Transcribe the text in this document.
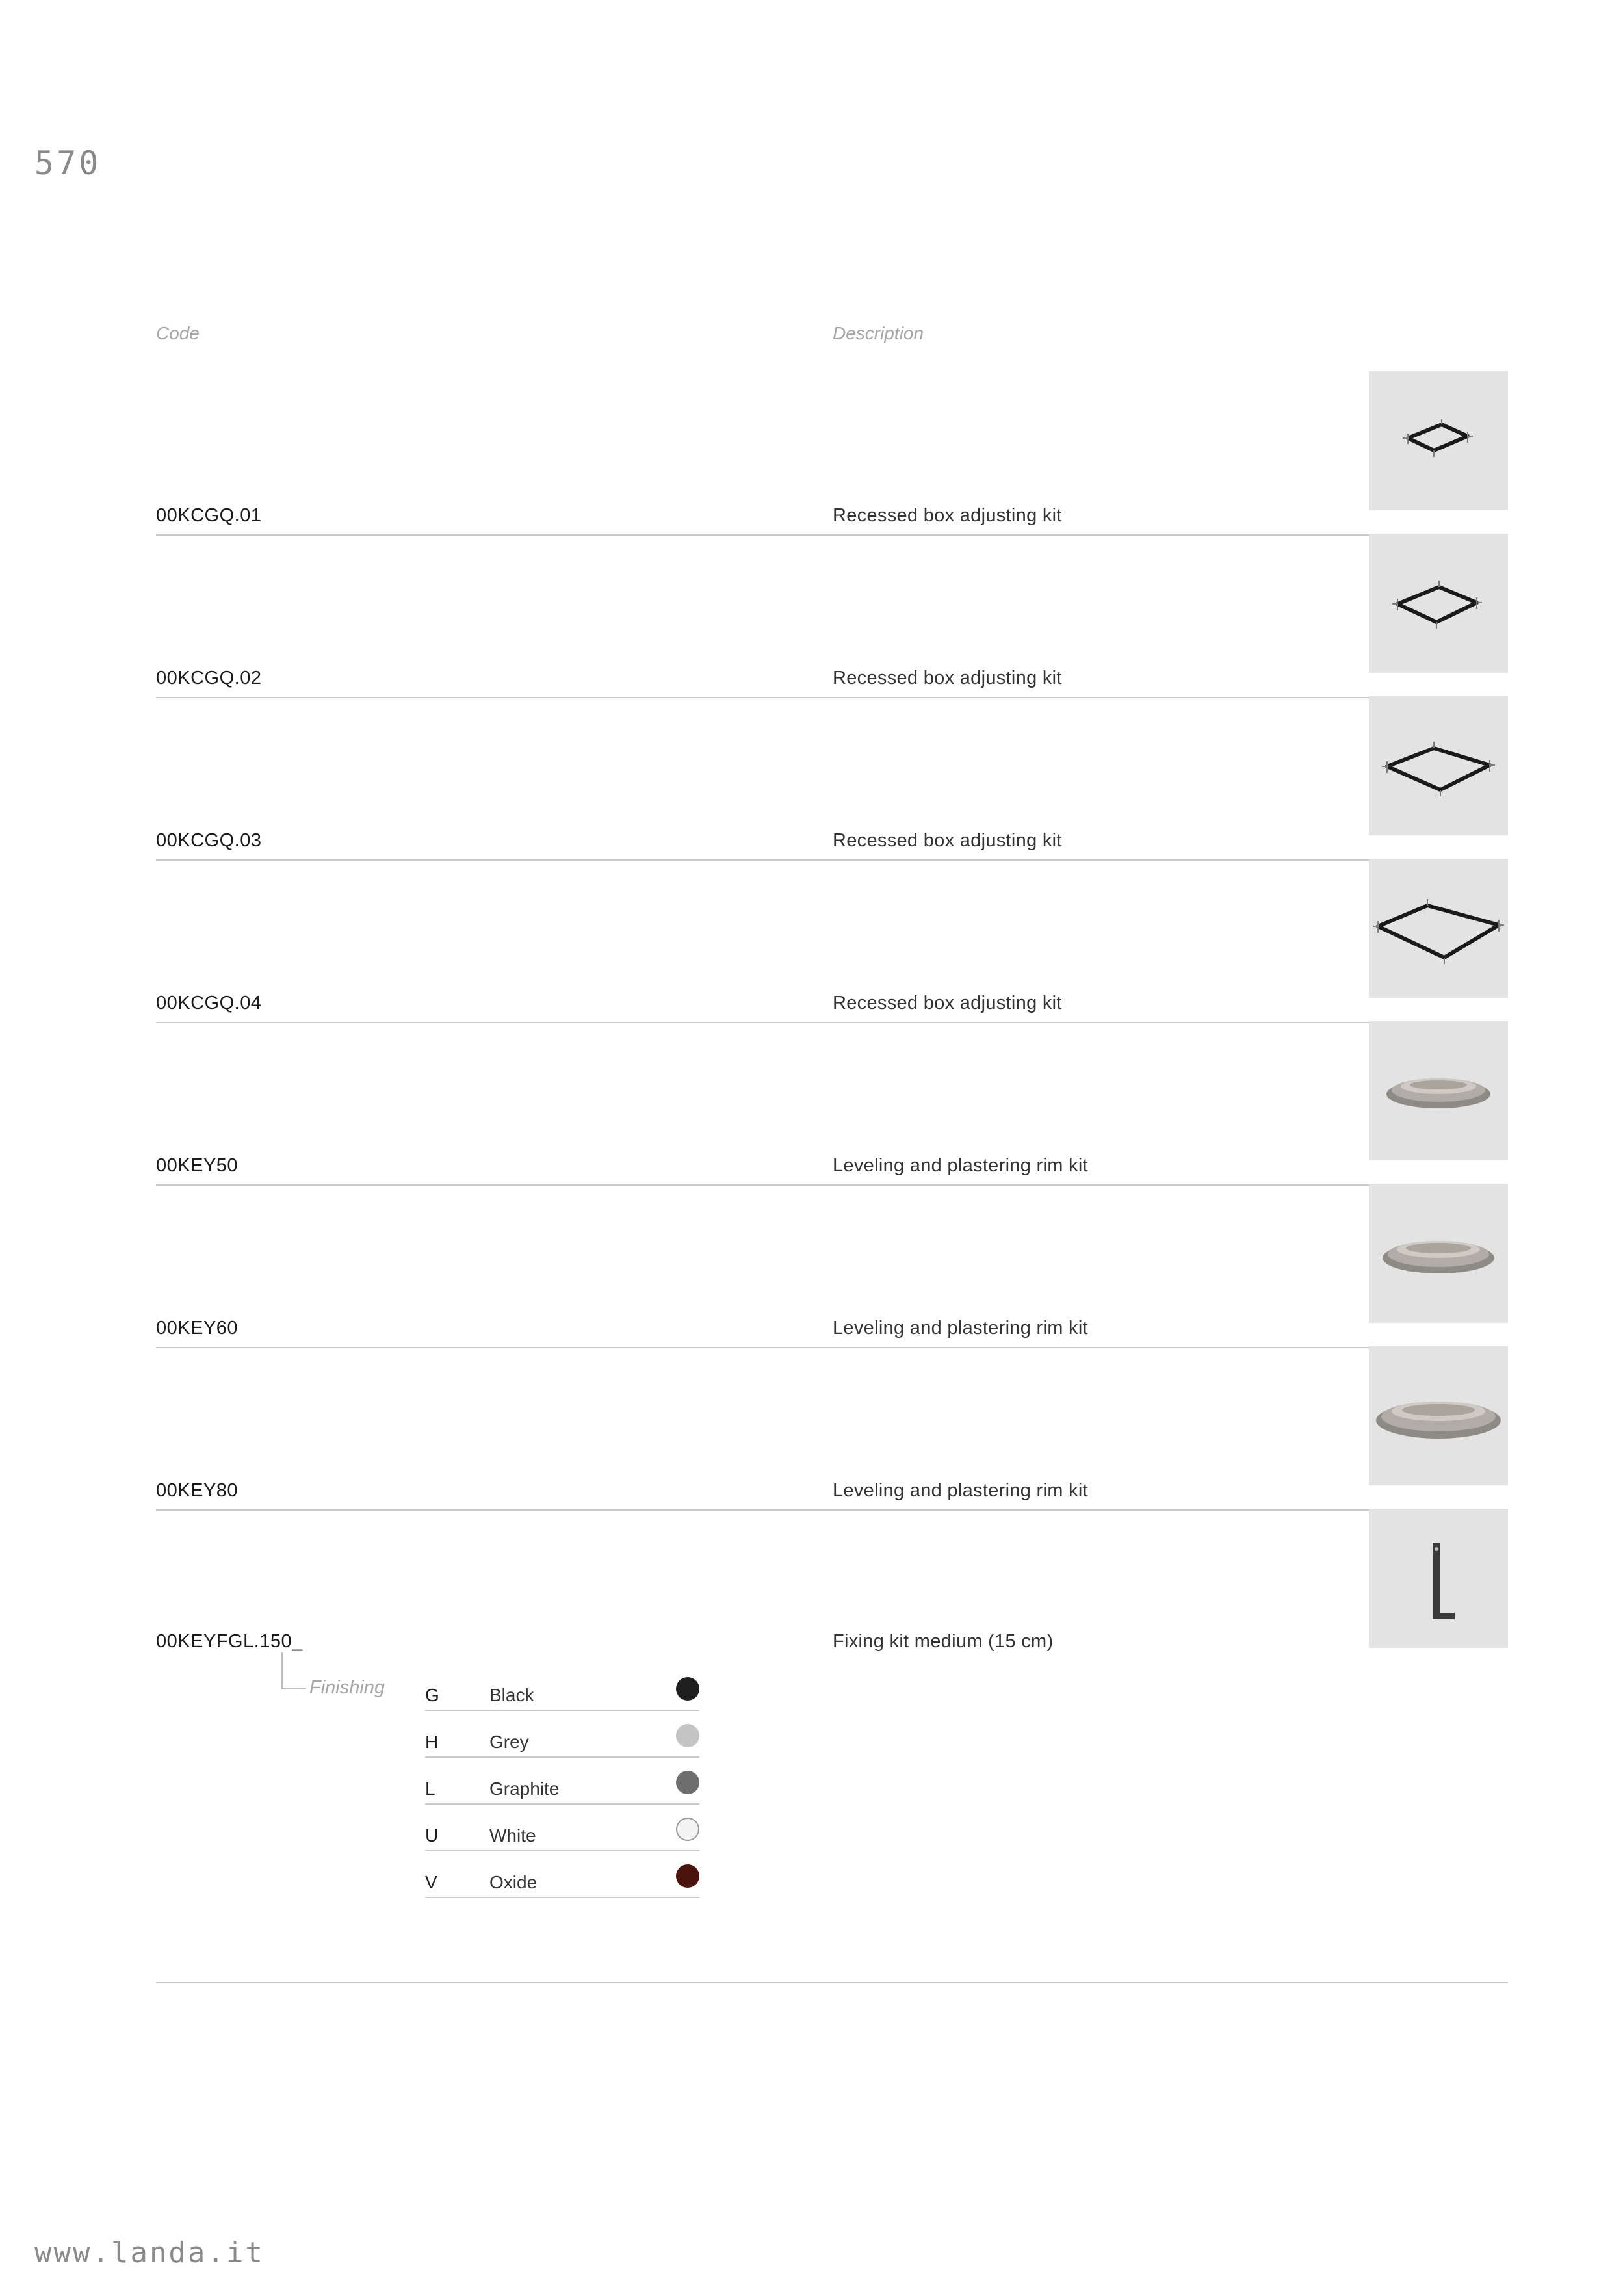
570
Code	Description
00KCGQ.01	Recessed box adjusting kit
00KCGQ.02	Recessed box adjusting kit
00KCGQ.03	Recessed box adjusting kit
00KCGQ.04	Recessed box adjusting kit
00KEY50	Leveling and plastering rim kit
00KEY60	Leveling and plastering rim kit
00KEY80	Leveling and plastering rim kit
00KEYFGL.150_	Fixing kit medium (15 cm)
Finishing G	Black
H	Grey
L	Graphite
U	White
V	Oxide
www.landa.it
